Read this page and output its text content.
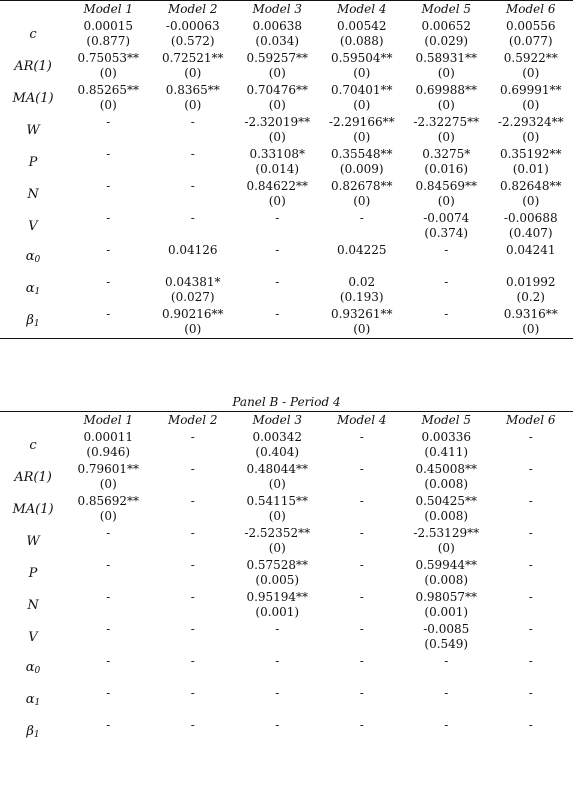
	Model 1	Model 2	Model 3	Model 4	Model 5	Model 6
c	0.00015	-0.00063	0.00638	0.00542	0.00652	0.00556
	(0.877)	(0.572)	(0.034)	(0.088)	(0.029)	(0.077)
AR(1)	0.75053**	0.72521**	0.59257**	0.59504**	0.58931**	0.5922**
	(0)	(0)	(0)	(0)	(0)	(0)
MA(1)	0.85265**	0.8365**	0.70476**	0.70401**	0.69988**	0.69991**
	(0)	(0)	(0)	(0)	(0)	(0)
W	-	-	-2.32019**	-2.29166**	-2.32275**	-2.29324**
			(0)	(0)	(0)	(0)
P	-	-	0.33108*	0.35548**	0.3275*	0.35192**
			(0.014)	(0.009)	(0.016)	(0.01)
N	-	-	0.84622**	0.82678**	0.84569**	0.82648**
			(0)	(0)	(0)	(0)
V	-	-	-	-	-0.0074	-0.00688
					(0.374)	(0.407)
$\alpha_0$	-	0.04126	-	0.04225	-	0.04241

$\alpha_1$	-	0.04381*	-	0.02	-	0.01992
		(0.027)		(0.193)		(0.2)
$\beta_1$	-	0.90216**	-	0.93261**	-	0.9316**
		(0)		(0)		(0)
Panel B - Period 4
	Model 1	Model 2	Model 3	Model 4	Model 5	Model 6
c	0.00011	-	0.00342	-	0.00336	-
	(0.946)		(0.404)		(0.411)	
AR(1)	0.79601**	-	0.48044**	-	0.45008**	-
	(0)		(0)		(0.008)	
MA(1)	0.85692**	-	0.54115**	-	0.50425**	-
	(0)		(0)		(0.008)	
W	-	-	-2.52352**	-	-2.53129**	-
			(0)		(0)	
P	-	-	0.57528**	-	0.59944**	-
			(0.005)		(0.008)	
N	-	-	0.95194**	-	0.98057**	-
			(0.001)		(0.001)	
V	-	-	-	-	-0.0085	-
					(0.549)	
$\alpha_0$	-	-	-	-	-	-

$\alpha_1$	-	-	-	-	-	-

$\beta_1$	-	-	-	-	-	-
